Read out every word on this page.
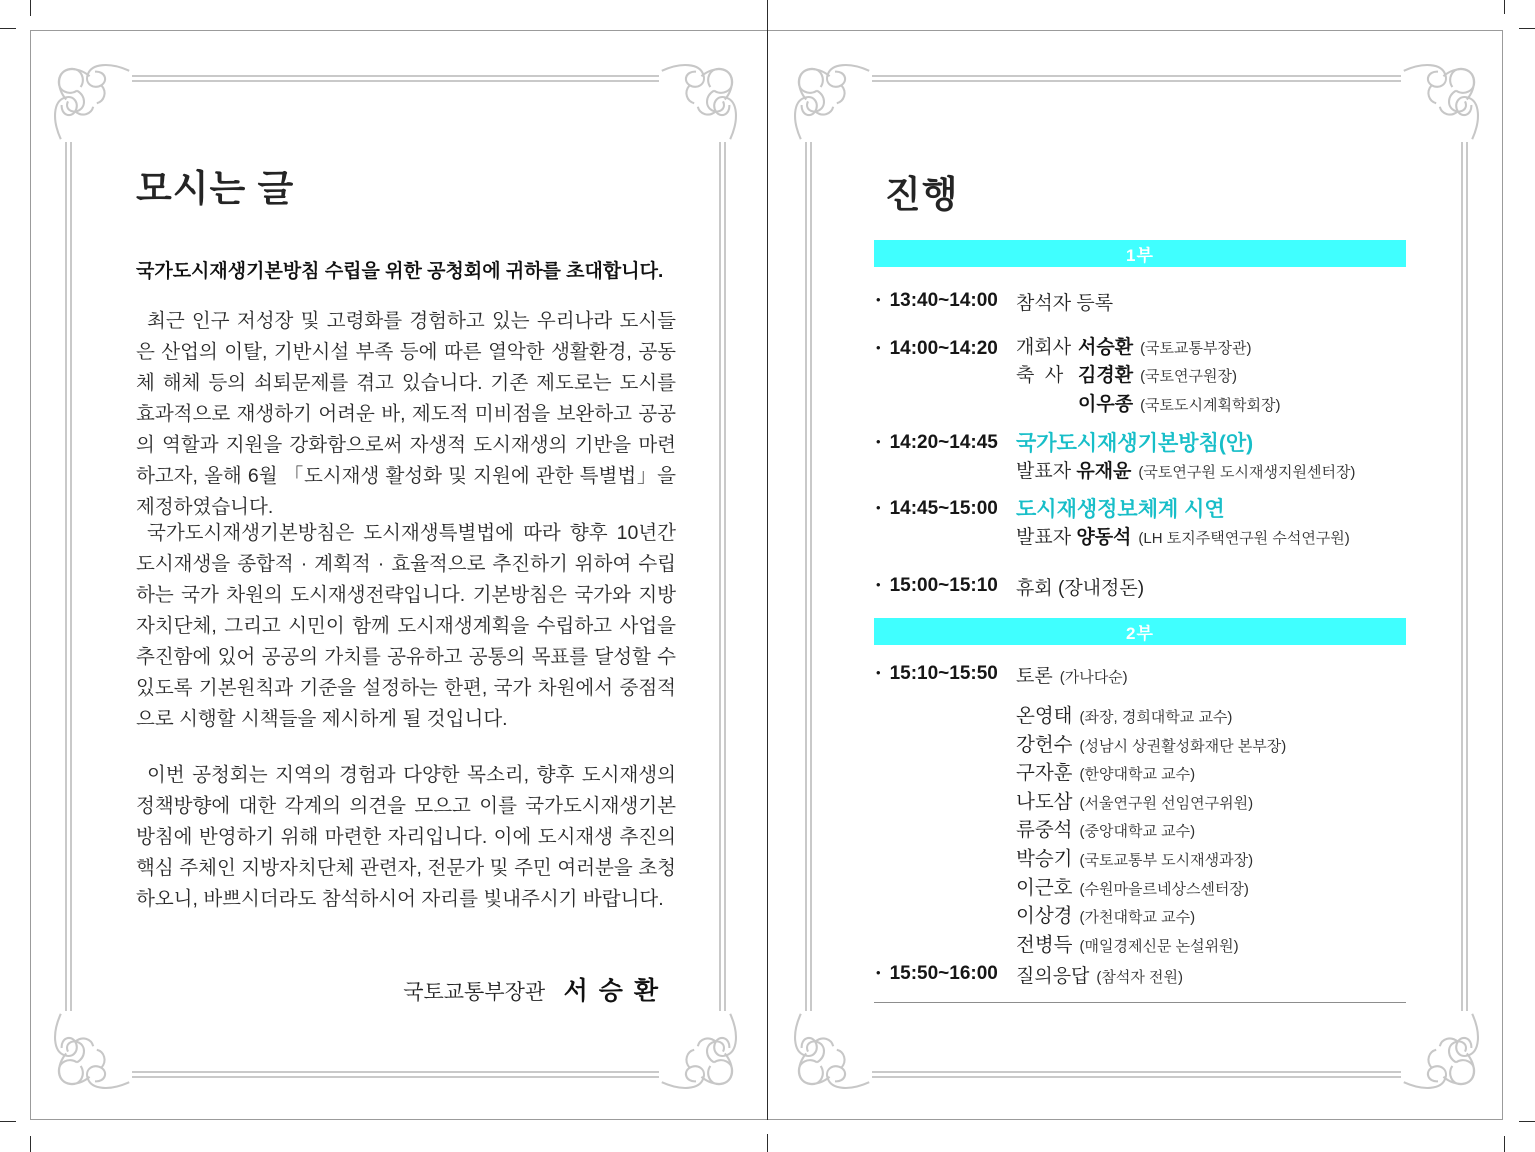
모시는 글
국가도시재생기본방침 수립을 위한 공청회에 귀하를 초대합니다.
최근 인구 저성장 및 고령화를 경험하고 있는 우리나라 도시들은 산업의 이탈, 기반시설 부족 등에 따른 열악한 생활환경, 공동체 해체 등의 쇠퇴문제를 겪고 있습니다. 기존 제도로는 도시를 효과적으로 재생하기 어려운 바, 제도적 미비점을 보완하고 공공의 역할과 지원을 강화함으로써 자생적 도시재생의 기반을 마련하고자, 올해 6월 「도시재생 활성화 및 지원에 관한 특별법」을 제정하였습니다.
국가도시재생기본방침은 도시재생특별법에 따라 향후 10년간 도시재생을 종합적 · 계획적 · 효율적으로 추진하기 위하여 수립하는 국가 차원의 도시재생전략입니다. 기본방침은 국가와 지방자치단체, 그리고 시민이 함께 도시재생계획을 수립하고 사업을 추진함에 있어 공공의 가치를 공유하고 공통의 목표를 달성할 수 있도록 기본원칙과 기준을 설정하는 한편, 국가 차원에서 중점적으로 시행할 시책들을 제시하게 될 것입니다.
이번 공청회는 지역의 경험과 다양한 목소리, 향후 도시재생의 정책방향에 대한 각계의 의견을 모으고 이를 국가도시재생기본방침에 반영하기 위해 마련한 자리입니다. 이에 도시재생 추진의 핵심 주체인 지방자치단체 관련자, 전문가 및 주민 여러분을 초청하오니, 바쁘시더라도 참석하시어 자리를 빛내주시기 바랍니다.
국토교통부장관 서 승 환
진행
1부
• 13:40~14:00 참석자 등록
• 14:00~14:20 개회사 서승환 (국토교통부장관)
축  사 김경환 (국토연구원장)
이우종 (국토도시계획학회장)
• 14:20~14:45 국가도시재생기본방침(안)
발표자 유재윤 (국토연구원 도시재생지원센터장)
• 14:45~15:00 도시재생정보체계 시연
발표자 양동석 (LH 토지주택연구원 수석연구원)
• 15:00~15:10 휴회 (장내정돈)
2부
• 15:10~15:50 토론 (가나다순)
온영태 (좌장, 경희대학교 교수)
강헌수 (성남시 상권활성화재단 본부장)
구자훈 (한양대학교 교수)
나도삼 (서울연구원 선임연구위원)
류중석 (중앙대학교 교수)
박승기 (국토교통부 도시재생과장)
이근호 (수원마을르네상스센터장)
이상경 (가천대학교 교수)
전병득 (매일경제신문 논설위원)
• 15:50~16:00 질의응답 (참석자 전원)
